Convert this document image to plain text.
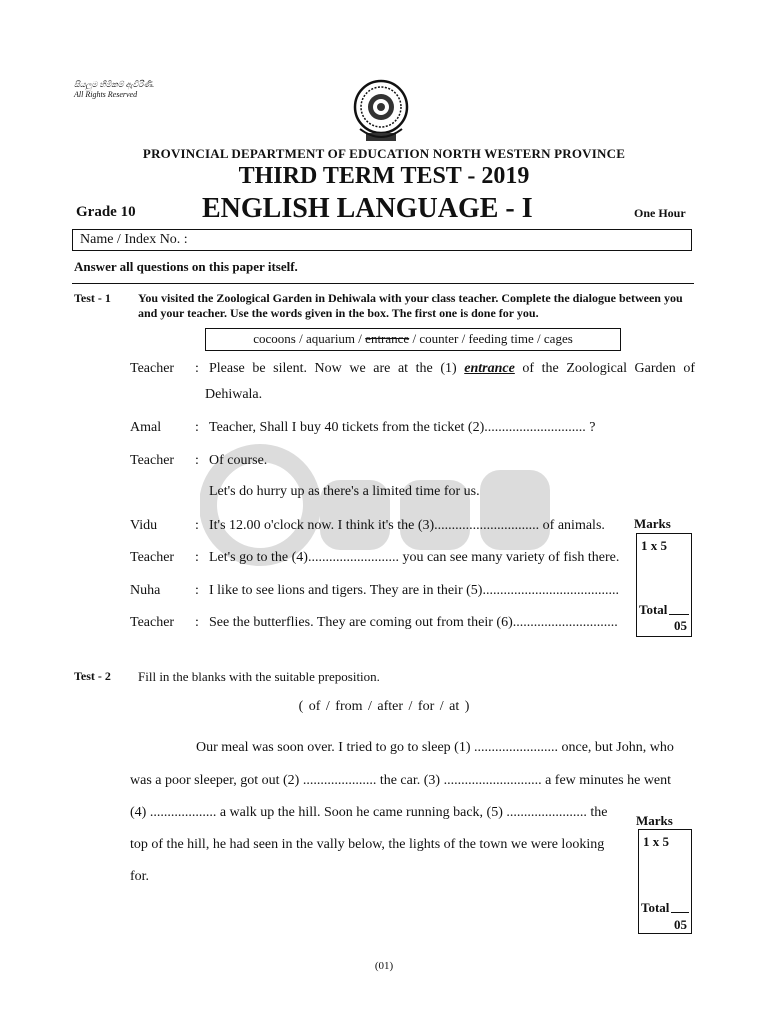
සියලුම හිමිකම් ඇවිරිණි.
All Rights Reserved
PROVINCIAL DEPARTMENT OF EDUCATION NORTH WESTERN PROVINCE
THIRD TERM TEST - 2019
Grade 10 ENGLISH LANGUAGE - I	One Hour
Name / Index No. :
Answer all questions on this paper itself.
Test - 1 You visited the Zoological Garden in Dehiwala with your class teacher. Complete the dialogue between you and your teacher. Use the words given in the box. The first one is done for you.
cocoons / aquarium / entrance / counter / feeding time / cages
Teacher : Please be silent. Now we are at the (1) entrance of the Zoological Garden of
Dehiwala.
Amal : Teacher, Shall I buy 40 tickets from the ticket (2)............................. ?
Teacher : Of course.
Let's do hurry up as there's a limited time for us.
Vidu	: It's 12.00 o'clock now. I think it's the (3).............................. of animals.
Teacher : Let's go to the (4).......................... you can see many variety of fish there.
Nuha : I like to see lions and tigers. They are in their (5).......................................
Teacher : See the butterflies. They are coming out from their (6)..............................
Marks
1 x 5
Total
05
Test - 2 Fill in the blanks with the suitable preposition.
( of / from / after / for / at )
Our meal was soon over. I tried to go to sleep (1) ........................ once, but John, who
was a poor sleeper, got out (2) ..................... the car. (3) ............................ a few minutes he went
(4) ................... a walk up the hill. Soon he came running back, (5) ....................... the
top of the hill, he had seen in the vally below, the lights of the town we were looking
for.
Marks
1 x 5
Total
05
(01)
